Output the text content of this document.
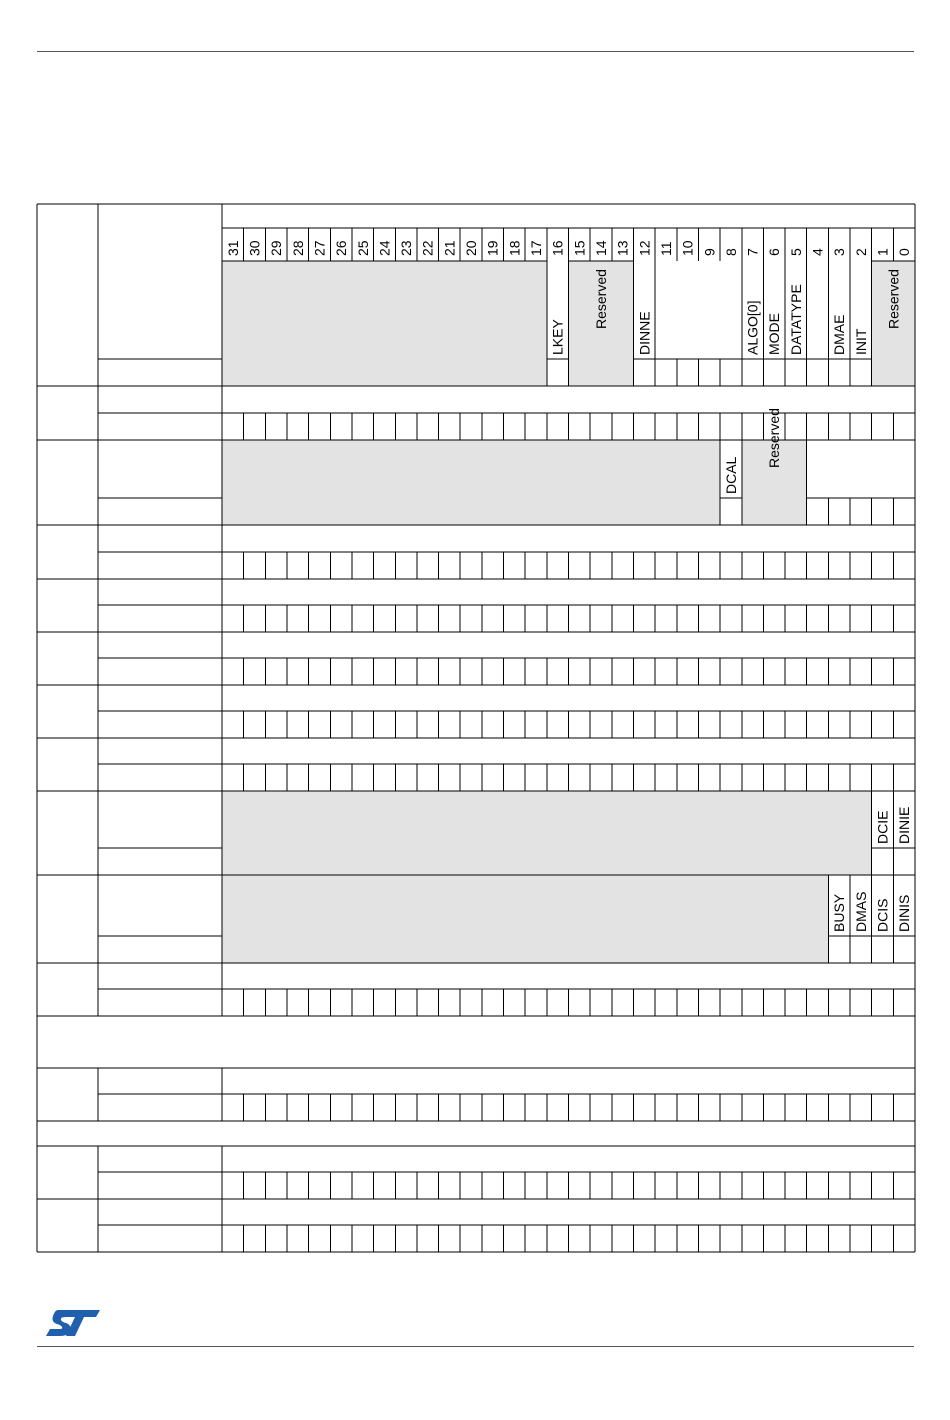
31 30 29 28 27 26 25 24 23 22 21 20 19 18 17 16 15 14 13 12 11 10 9 8 7 6 5 4 3 2 1 0
LKEY
Reserved
DINNE	ALGO[0] MODE DATATYPE DMAE INIT
Reserved
DCAL
Reserved
DCIE DINIE
BUSY DMAS DCIS DINIS
